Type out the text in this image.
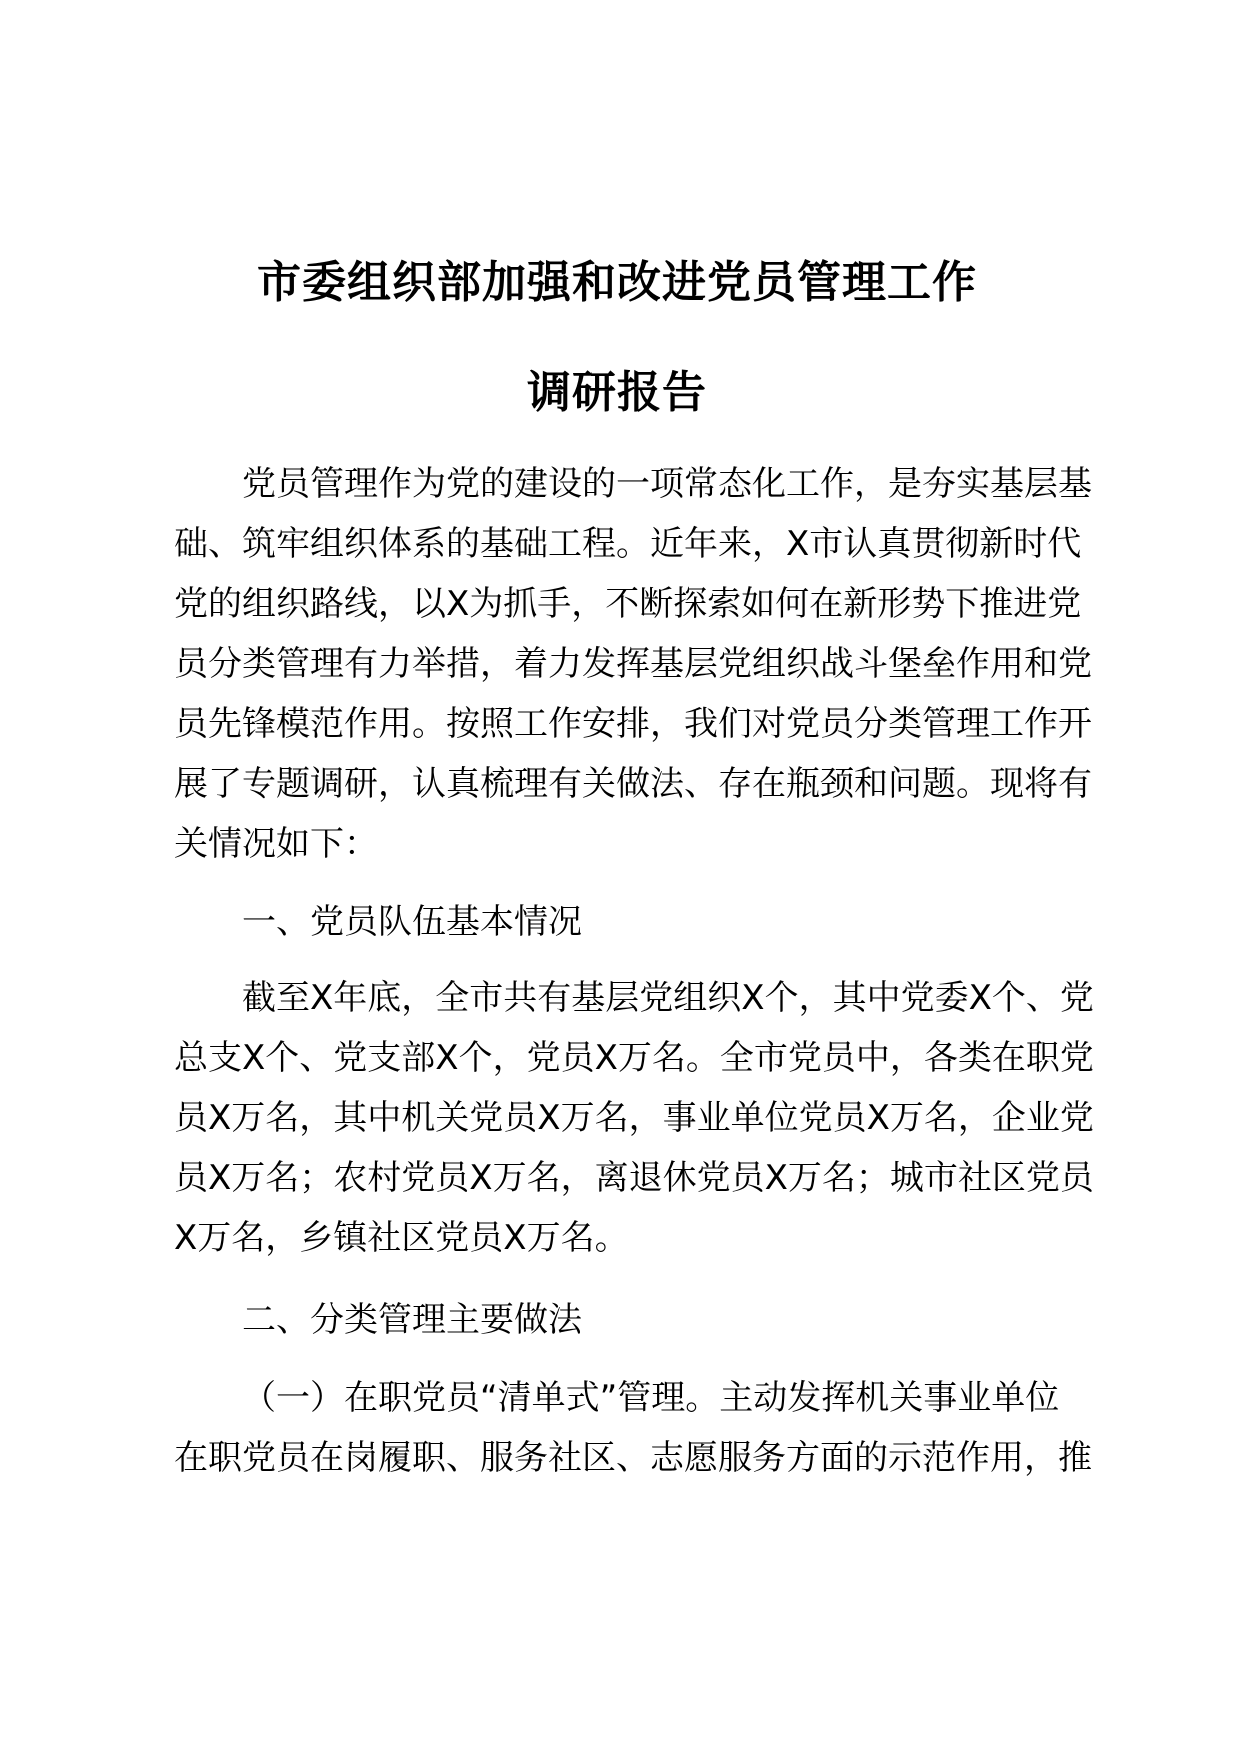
市委组织部加强和改进党员管理工作
调研报告
党员管理作为党的建设的一项常态化工作，是夯实基层基
础、筑牢组织体系的基础工程。近年来，X市认真贯彻新时代
党的组织路线，以X为抓手，不断探索如何在新形势下推进党
员分类管理有力举措，着力发挥基层党组织战斗堡垒作用和党
员先锋模范作用。按照工作安排，我们对党员分类管理工作开
展了专题调研，认真梳理有关做法、存在瓶颈和问题。现将有
关情况如下：
一、党员队伍基本情况
截至X年底，全市共有基层党组织X个，其中党委X个、党
总支X个、党支部X个，党员X万名。全市党员中，各类在职党
员X万名，其中机关党员X万名，事业单位党员X万名，企业党
员X万名；农村党员X万名，离退休党员X万名；城市社区党员
X万名，乡镇社区党员X万名。
二、分类管理主要做法
（一）在职党员“清单式”管理。主动发挥机关事业单位
在职党员在岗履职、服务社区、志愿服务方面的示范作用，推
